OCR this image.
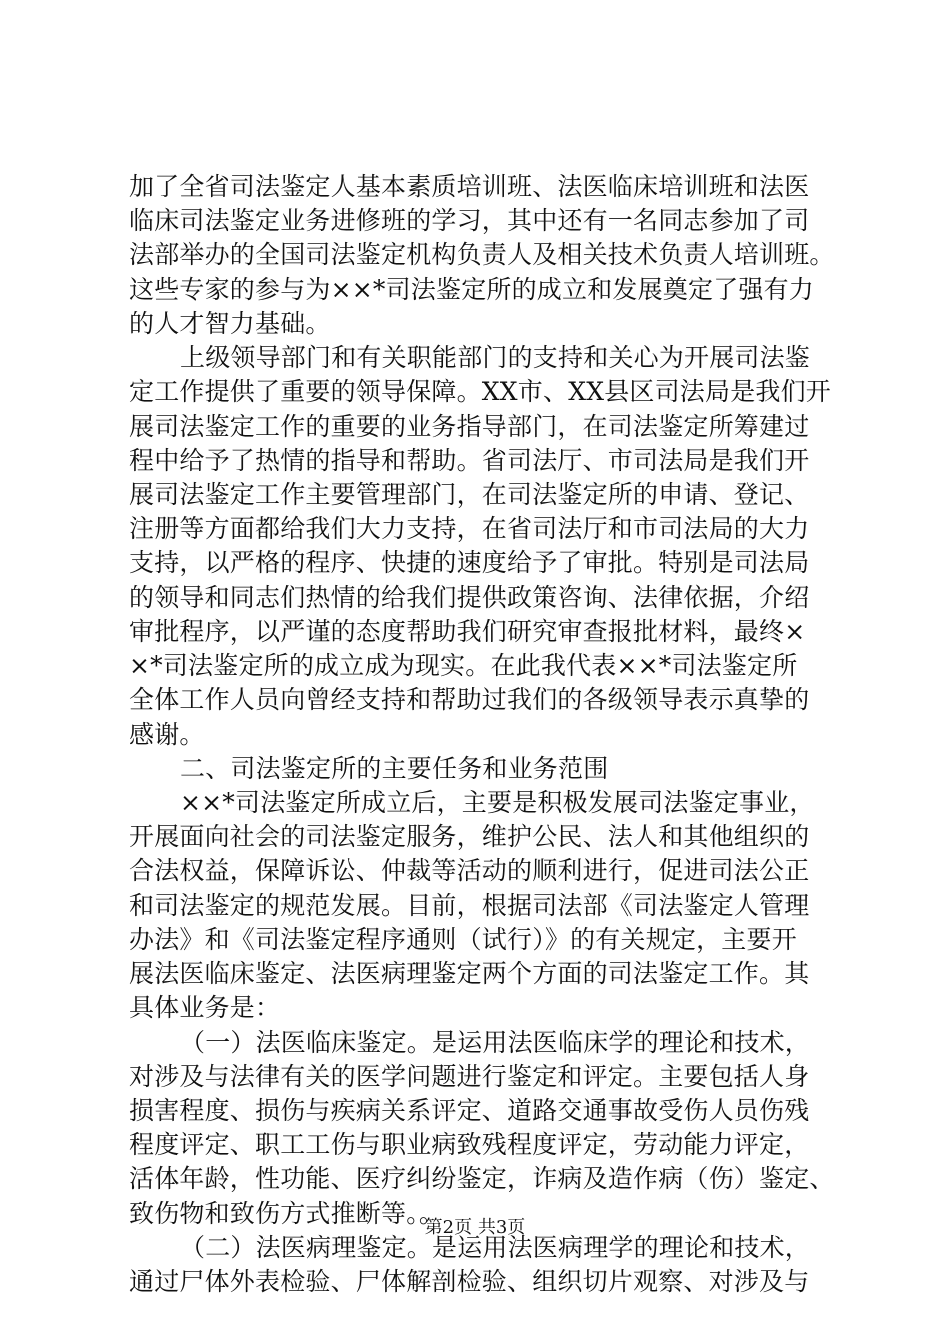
加了全省司法鉴定人基本素质培训班、法医临床培训班和法医
临床司法鉴定业务进修班的学习，其中还有一名同志参加了司
法部举办的全国司法鉴定机构负责人及相关技术负责人培训班。
这些专家的参与为××*司法鉴定所的成立和发展奠定了强有力
的人才智力基础。
上级领导部门和有关职能部门的支持和关心为开展司法鉴
定工作提供了重要的领导保障。XX市、XX县区司法局是我们开
展司法鉴定工作的重要的业务指导部门，在司法鉴定所筹建过
程中给予了热情的指导和帮助。省司法厅、市司法局是我们开
展司法鉴定工作主要管理部门，在司法鉴定所的申请、登记、
注册等方面都给我们大力支持，在省司法厅和市司法局的大力
支持，以严格的程序、快捷的速度给予了审批。特别是司法局
的领导和同志们热情的给我们提供政策咨询、法律依据，介绍
审批程序，以严谨的态度帮助我们研究审查报批材料，最终×
×*司法鉴定所的成立成为现实。在此我代表××*司法鉴定所
全体工作人员向曾经支持和帮助过我们的各级领导表示真挚的
感谢。
二、司法鉴定所的主要任务和业务范围
××*司法鉴定所成立后，主要是积极发展司法鉴定事业，
开展面向社会的司法鉴定服务，维护公民、法人和其他组织的
合法权益，保障诉讼、仲裁等活动的顺利进行，促进司法公正
和司法鉴定的规范发展。目前，根据司法部《司法鉴定人管理
办法》和《司法鉴定程序通则（试行）》的有关规定，主要开
展法医临床鉴定、法医病理鉴定两个方面的司法鉴定工作。其
具体业务是：
（一）法医临床鉴定。是运用法医临床学的理论和技术，
对涉及与法律有关的医学问题进行鉴定和评定。主要包括人身
损害程度、损伤与疾病关系评定、道路交通事故受伤人员伤残
程度评定、职工工伤与职业病致残程度评定，劳动能力评定，
活体年龄，性功能、医疗纠纷鉴定，诈病及造作病（伤）鉴定、
致伤物和致伤方式推断等。。
（二）法医病理鉴定。是运用法医病理学的理论和技术，
通过尸体外表检验、尸体解剖检验、组织切片观察、对涉及与
第2页 共3页
